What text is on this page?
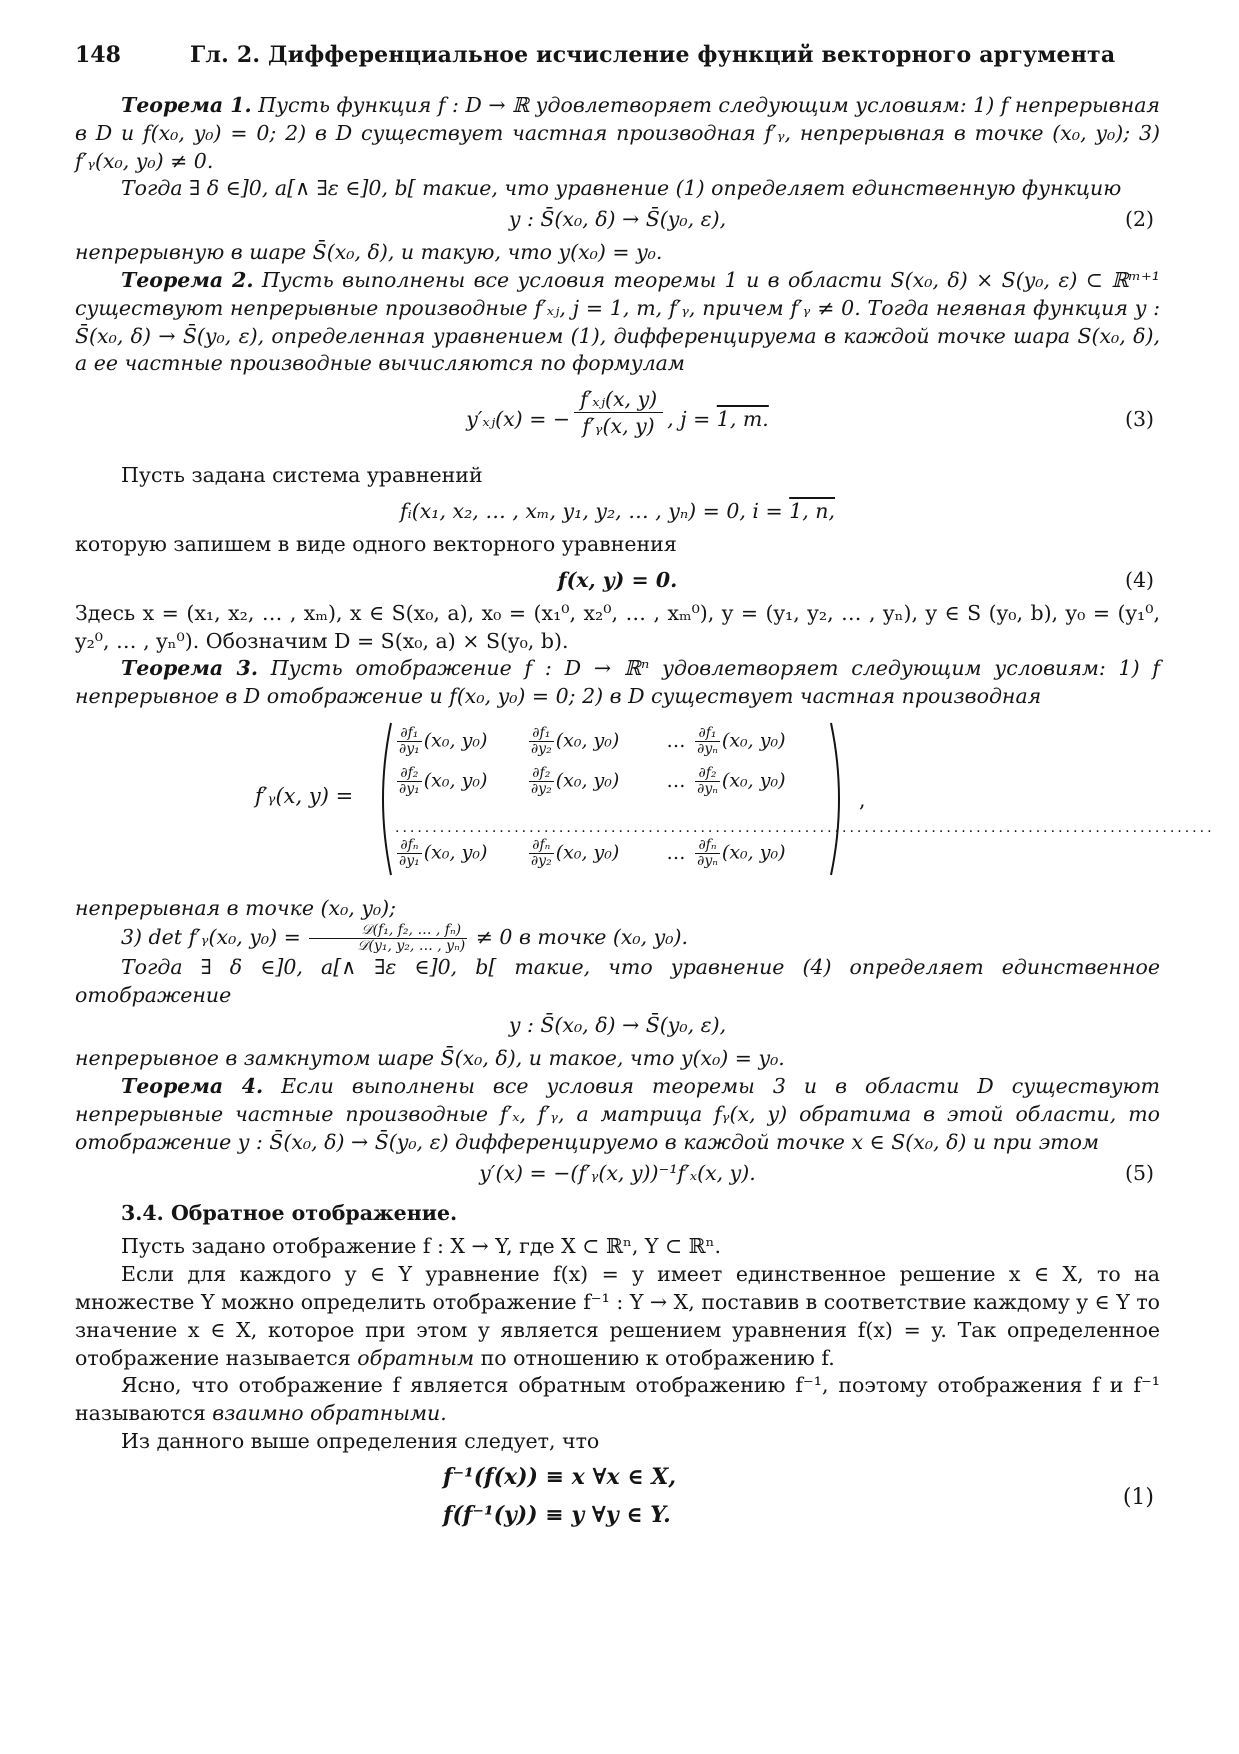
148	Гл. 2. Дифференциальное исчисление функций векторного аргумента

Теорема 1. Пусть функция f : D → ℝ удовлетворяет следующим условиям: 1) f непрерывная в D и f(x₀, y₀) = 0; 2) в D существует частная производная f′ᵧ, непрерывная в точке (x₀, y₀); 3) f′ᵧ(x₀, y₀) ≠ 0.

Тогда ∃ δ ∈]0, a[∧ ∃ε ∈]0, b[ такие, что уравнение (1) определяет единственную функцию

y : S̄(x₀, δ) → S̄(y₀, ε),	(2)

непрерывную в шаре S̄(x₀, δ), и такую, что y(x₀) = y₀.

Теорема 2. Пусть выполнены все условия теоремы 1 и в области S(x₀, δ) × S(y₀, ε) ⊂ ℝᵐ⁺¹ существуют непрерывные производные f′ₓⱼ, j = 1, m, f′ᵧ, причем f′ᵧ ≠ 0. Тогда неявная функция y : S̄(x₀, δ) → S̄(y₀, ε), определенная уравнением (1), дифференцируема в каждой точке шара S(x₀, δ), а ее частные производные вычисляются по формулам

y′ₓⱼ(x) = − $\frac{\text{f′ₓⱼ(x, y)}}{\text{f′ᵧ(x, y)}}$ , j = 1, m.	(3)

Пусть задана система уравнений

fᵢ(x₁, x₂, … , xₘ, y₁, y₂, … , yₙ) = 0, i = 1, n,

которую запишем в виде одного векторного уравнения

f(x, y) = 0.	(4)

Здесь x = (x₁, x₂, … , xₘ), x ∈ S(x₀, a), x₀ = (x₁⁰, x₂⁰, … , xₘ⁰), y = (y₁, y₂, … , yₙ), y ∈ S (y₀, b), y₀ = (y₁⁰, y₂⁰, … , yₙ⁰). Обозначим D = S(x₀, a) × S(y₀, b).

Теорема 3. Пусть отображение f : D → ℝⁿ удовлетворяет следующим условиям: 1) f непрерывное в D отображение и f(x₀, y₀) = 0; 2) в D существует частная производная

f′ᵧ(x, y) =
$\frac{\text{∂f₁}}{\text{∂y₁}} (x_0$, y₀)	$\frac{\text{∂f₁}}{\text{∂y₂}} (x_0$, y₀)	… $\frac{\text{∂f₁}}{\text{∂yₙ}} (x_0$, y₀)
$\frac{\text{∂f₂}}{\text{∂y₁}} (x_0$, y₀)	$\frac{\text{∂f₂}}{\text{∂y₂}} (x_0$, y₀)	… $\frac{\text{∂f₂}}{\text{∂yₙ}} (x_0$, y₀)
..............................................................................................................
$\frac{\text{∂fₙ}}{\text{∂y₁}} (x_0$, y₀)	$\frac{\text{∂fₙ}}{\text{∂y₂}} (x_0$, y₀)	… $\frac{\text{∂fₙ}}{\text{∂yₙ}} (x_0$, y₀)
,

непрерывная в точке (x₀, y₀);

3) det f′ᵧ(x₀, y₀) =	𝒟(f₁, f₂, … , fₙ)
𝒟(y₁, y₂, … , yₙ) ≠ 0 в точке (x₀, y₀).

Тогда ∃ δ ∈]0, a[∧ ∃ε ∈]0, b[ такие, что уравнение (4) определяет единственное отображение

y : S̄(x₀, δ) → S̄(y₀, ε),

непрерывное в замкнутом шаре S̄(x₀, δ), и такое, что y(x₀) = y₀.

Теорема 4. Если выполнены все условия теоремы 3 и в области D существуют непрерывные частные производные f′ₓ, f′ᵧ, а матрица fᵧ(x, y) обратима в этой области, то отображение y : S̄(x₀, δ) → S̄(y₀, ε) дифференцируемо в каждой точке x ∈ S(x₀, δ) и при этом

y′(x) = −(f′ᵧ(x, y))⁻¹f′ₓ(x, y).	(5)

3.4. Обратное отображение.

Пусть задано отображение f : X → Y, где X ⊂ ℝⁿ, Y ⊂ ℝⁿ.

Если для каждого y ∈ Y уравнение f(x) = y имеет единственное решение x ∈ X, то на множестве Y можно определить отображение f⁻¹ : Y → X, поставив в соответствие каждому y ∈ Y то значение x ∈ X, которое при этом y является решением уравнения f(x) = y. Так определенное отображение называется обратным по отношению к отображению f.

Ясно, что отображение f является обратным отображению f⁻¹, поэтому отображения f и f⁻¹ называются взаимно обратными.

Из данного выше определения следует, что

f⁻¹(f(x)) ≡ x ∀x ∈ X,
f(f⁻¹(y)) ≡ y ∀y ∈ Y.
(1)
